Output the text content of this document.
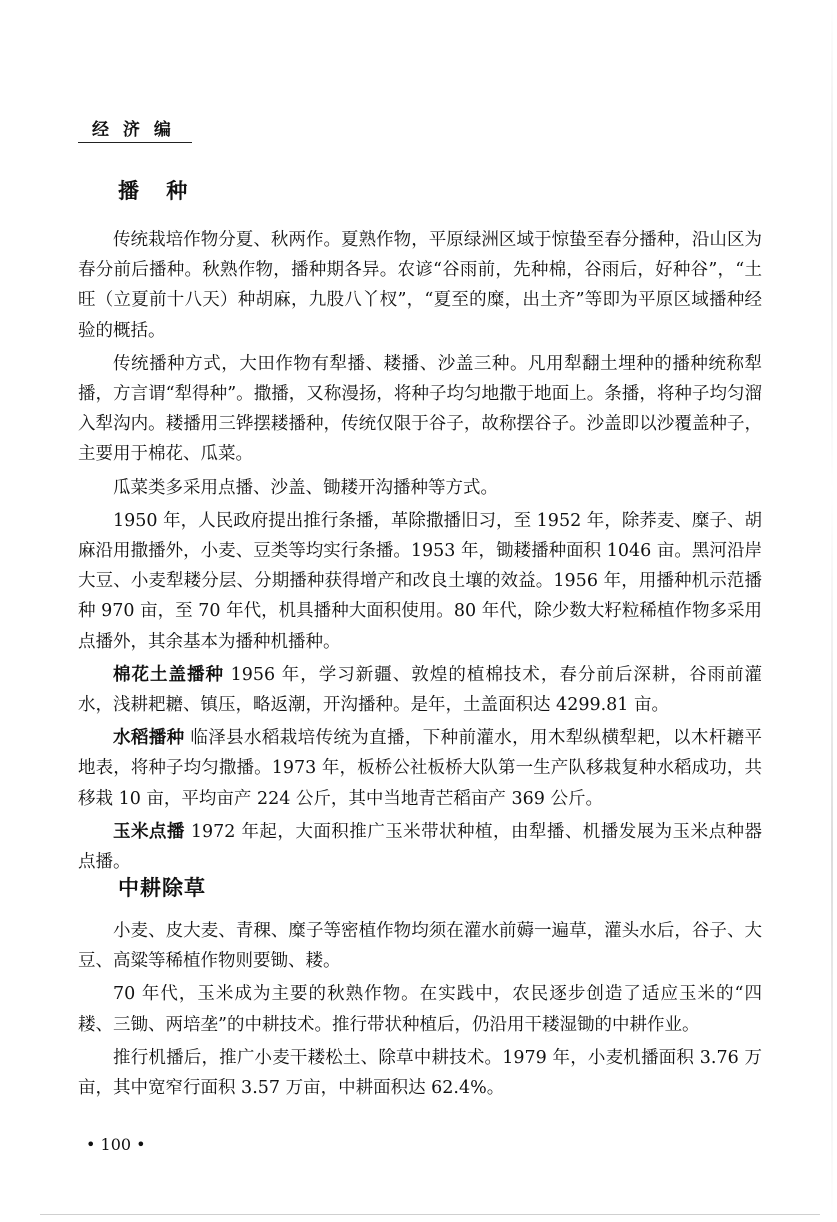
经 济 编
播 种

传统栽培作物分夏、秋两作。夏熟作物，平原绿洲区域于惊蛰至春分播种，沿山区为春分前后播种。秋熟作物，播种期各异。农谚“谷雨前，先种棉，谷雨后，好种谷”，“土旺（立夏前十八天）种胡麻，九股八丫杈”，“夏至的糜，出土齐”等即为平原区域播种经验的概括。

传统播种方式，大田作物有犁播、耧播、沙盖三种。凡用犁翻土埋种的播种统称犁播，方言谓“犁得种”。撒播，又称漫扬，将种子均匀地撒于地面上。条播，将种子均匀溜入犁沟内。耧播用三铧摆耧播种，传统仅限于谷子，故称摆谷子。沙盖即以沙覆盖种子，主要用于棉花、瓜菜。

瓜菜类多采用点播、沙盖、锄耧开沟播种等方式。

1950 年，人民政府提出推行条播，革除撒播旧习，至 1952 年，除荞麦、糜子、胡麻沿用撒播外，小麦、豆类等均实行条播。1953 年，锄耧播种面积 1046 亩。黑河沿岸大豆、小麦犁耧分层、分期播种获得增产和改良土壤的效益。1956 年，用播种机示范播种 970 亩，至 70 年代，机具播种大面积使用。80 年代，除少数大籽粒稀植作物多采用点播外，其余基本为播种机播种。

棉花土盖播种 1956 年，学习新疆、敦煌的植棉技术，春分前后深耕，谷雨前灌水，浅耕耙耱、镇压，略返潮，开沟播种。是年，土盖面积达 4299.81 亩。

水稻播种 临泽县水稻栽培传统为直播，下种前灌水，用木犁纵横犁耙，以木杆耱平地表，将种子均匀撒播。1973 年，板桥公社板桥大队第一生产队移栽复种水稻成功，共移栽 10 亩，平均亩产 224 公斤，其中当地青芒稻亩产 369 公斤。

玉米点播 1972 年起，大面积推广玉米带状种植，由犁播、机播发展为玉米点种器点播。

中耕除草

小麦、皮大麦、青稞、糜子等密植作物均须在灌水前薅一遍草，灌头水后，谷子、大豆、高粱等稀植作物则要锄、耧。

70 年代，玉米成为主要的秋熟作物。在实践中，农民逐步创造了适应玉米的“四耧、三锄、两培垄”的中耕技术。推行带状种植后，仍沿用干耧湿锄的中耕作业。

推行机播后，推广小麦干耧松土、除草中耕技术。1979 年，小麦机播面积 3.76 万亩，其中宽窄行面积 3.57 万亩，中耕面积达 62.4%。

• 100 •
